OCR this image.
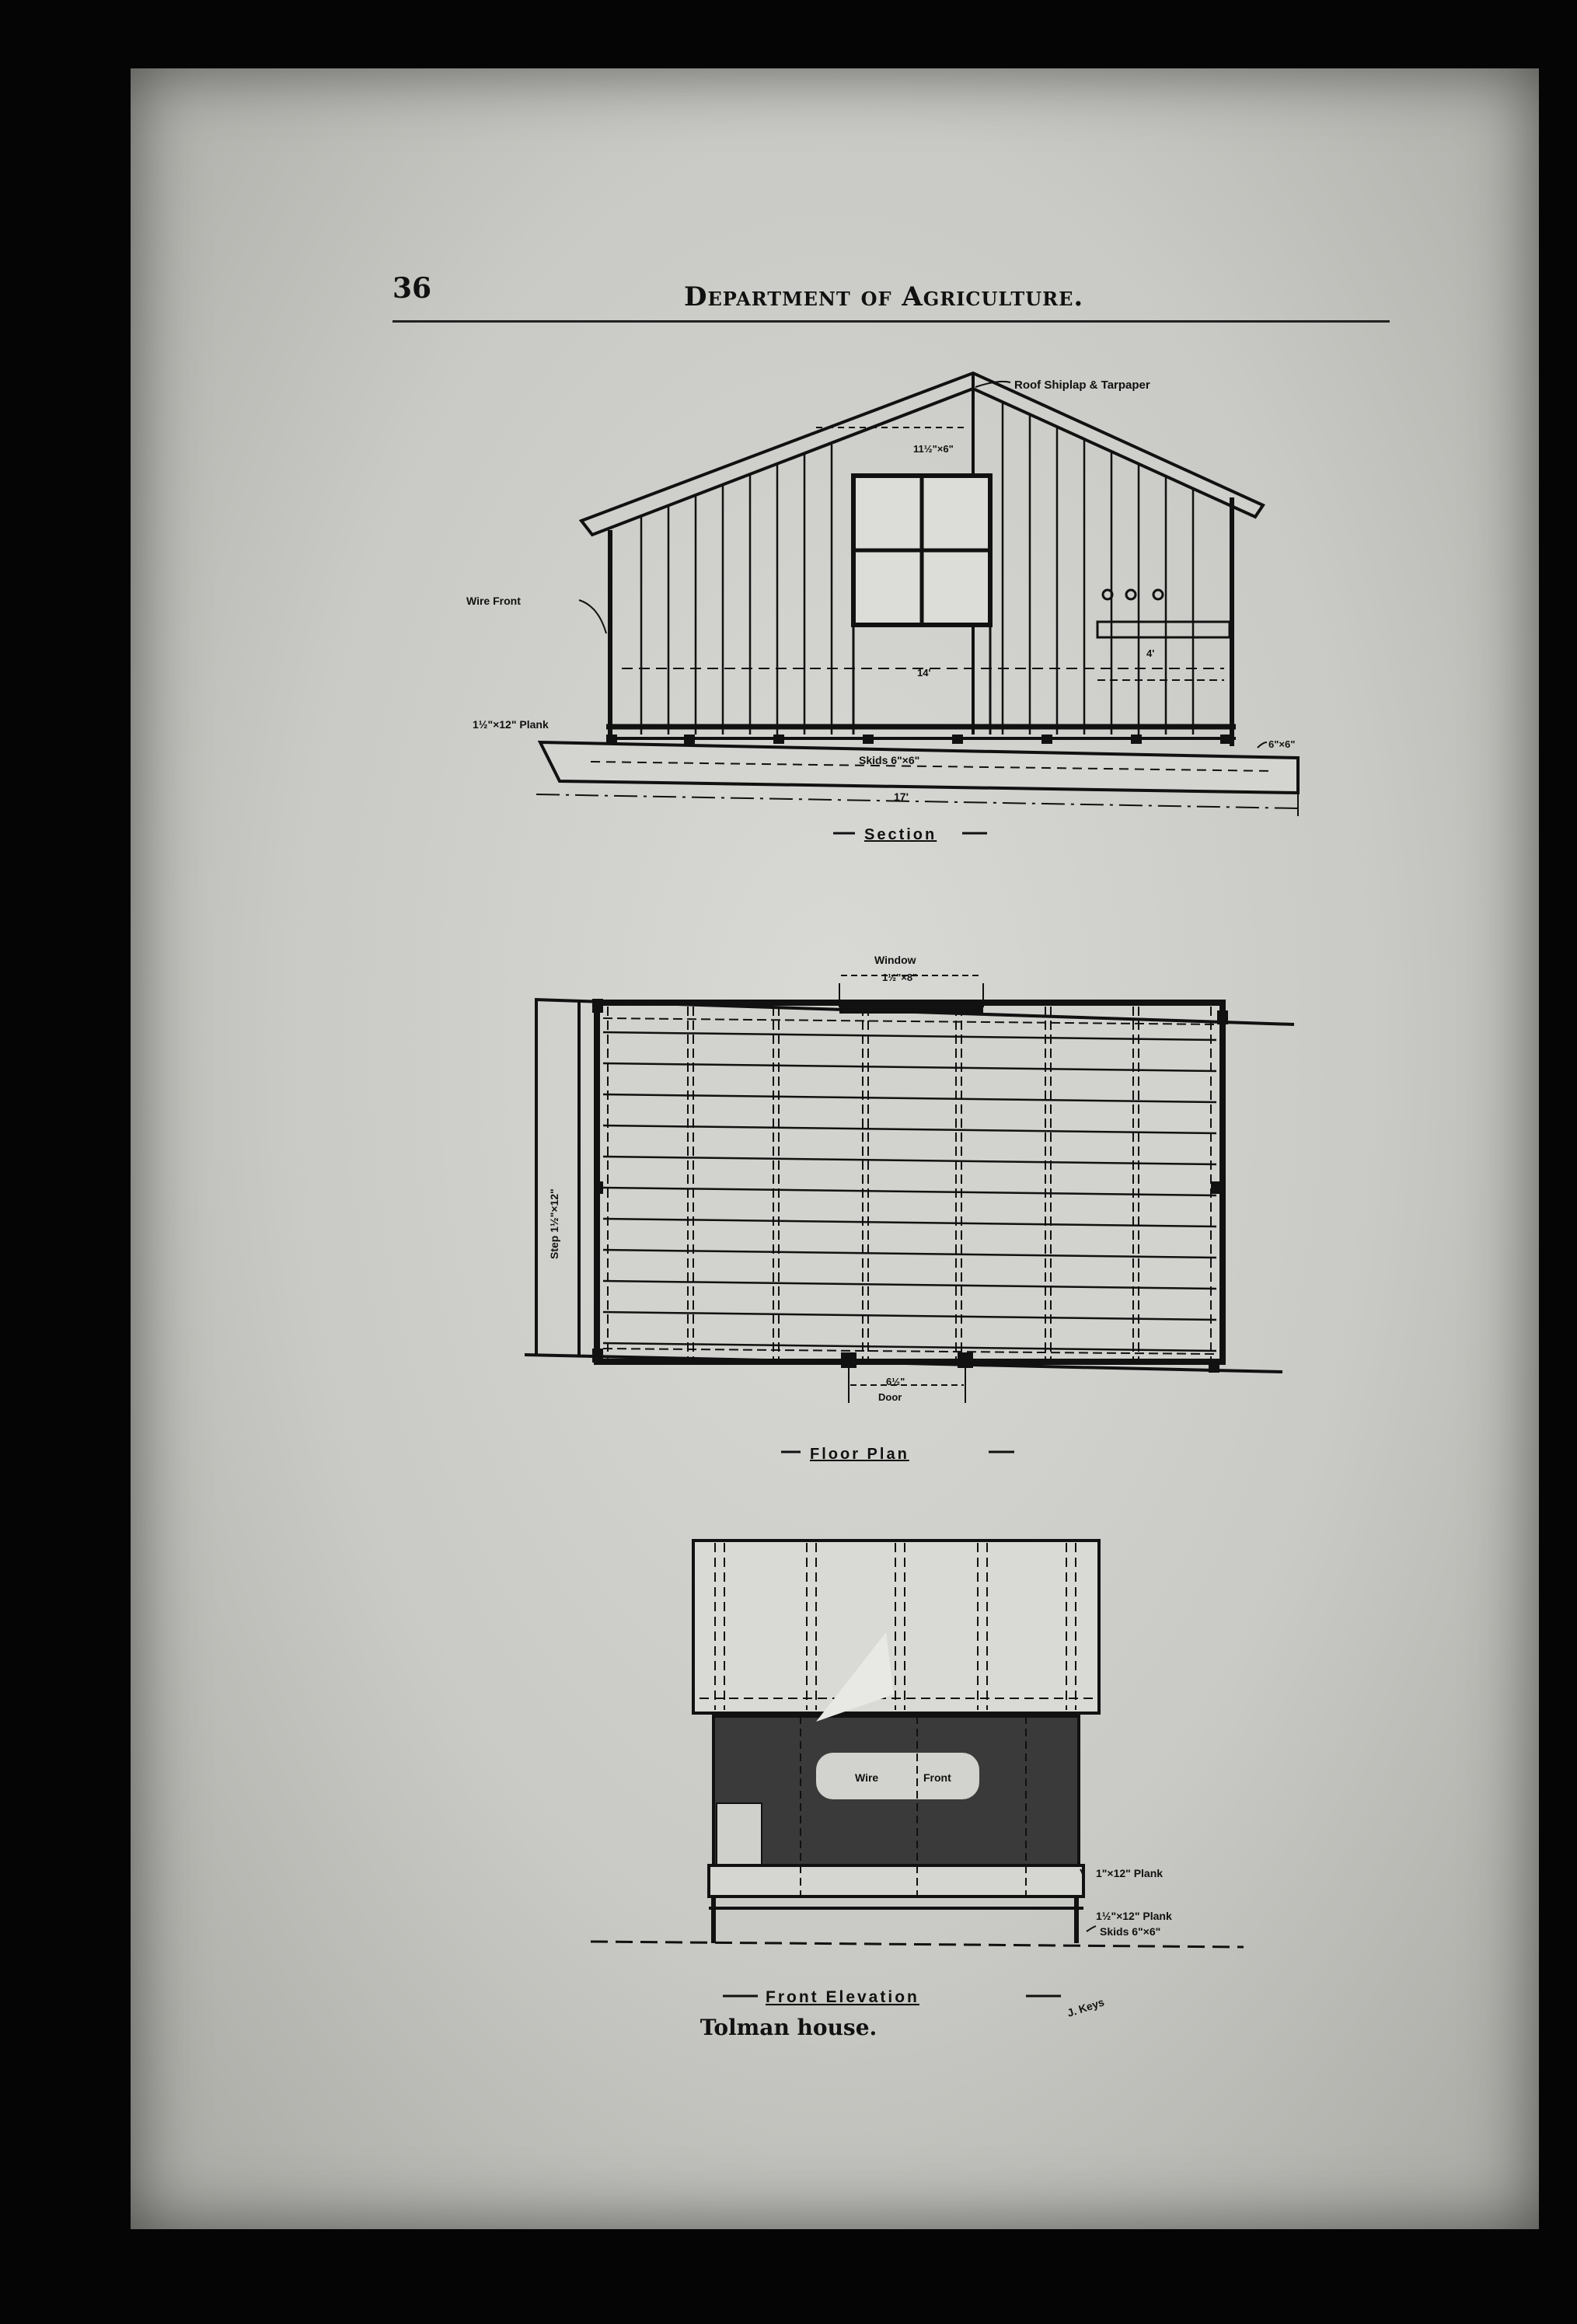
36	Department of Agriculture.

Roof Shiplap & Tarpaper
11½"×6"
Wire Front
14'
4'
1½"×12" Plank
Skids 6"×6"
6"×6"
17'
Section
Window
1½"×8"
6½"
Door
Step 1½"×12"
Floor Plan
Wire	Front
1"×12" Plank
1½"×12" Plank
Skids 6"×6"
Front Elevation	J. Keys

Tolman house.
